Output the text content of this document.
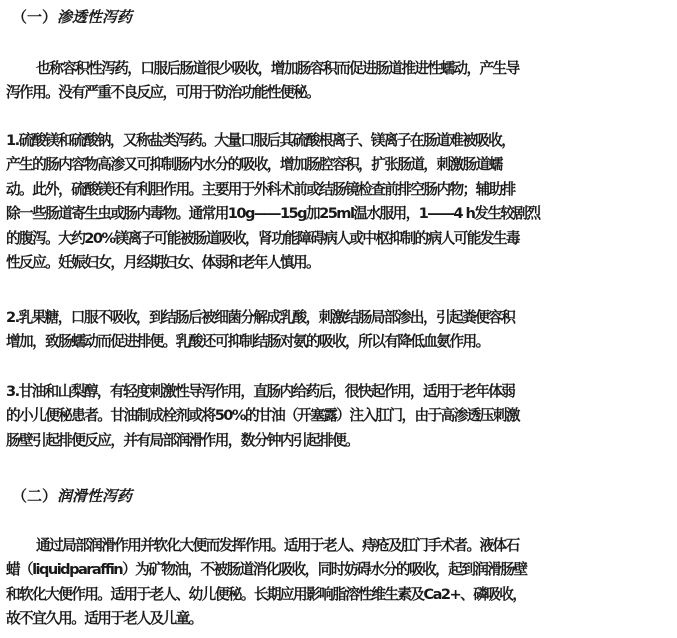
（一）渗透性泻药
也称容积性泻药，口服后肠道很少吸收，增加肠容积而促进肠道推进性蠕动，产生导
泻作用。没有严重不良反应，可用于防治功能性便秘。
1.硫酸镁和硫酸钠，又称盐类泻药。大量口服后其硫酸根离子、镁离子在肠道难被吸收，
产生的肠内容物高渗又可抑制肠内水分的吸收，增加肠腔容积，扩张肠道，刺激肠道蠕
动。此外，硫酸镁还有利胆作用。主要用于外科术前或结肠镜检查前排空肠内物；辅助排
除一些肠道寄生虫或肠内毒物。通常用10g——15g加25ml温水服用，1——4 h发生较剧烈
的腹泻。大约20%镁离子可能被肠道吸收，肾功能障碍病人或中枢抑制的病人可能发生毒
性反应。妊娠妇女，月经期妇女、体弱和老年人慎用。
2.乳果糖，口服不吸收，到结肠后被细菌分解成乳酸，刺激结肠局部渗出，引起粪便容积
增加，致肠蠕动而促进排便。乳酸还可抑制结肠对氨的吸收，所以有降低血氨作用。
3.甘油和山梨醇，有轻度刺激性导泻作用，直肠内给药后，很快起作用，适用于老年体弱
的小儿便秘患者。甘油制成栓剂或将50%的甘油（开塞露）注入肛门，由于高渗透压刺激
肠壁引起排便反应，并有局部润滑作用，数分钟内引起排便。
（二）润滑性泻药
通过局部润滑作用并软化大便而发挥作用。适用于老人、痔疮及肛门手术者。液体石
蜡（liquidparaffin）为矿物油，不被肠道消化吸收，同时妨碍水分的吸收，起到润滑肠壁
和软化大便作用。适用于老人、幼儿便秘。长期应用影响脂溶性维生素及Ca2+、磷吸收，
故不宜久用。适用于老人及儿童。
